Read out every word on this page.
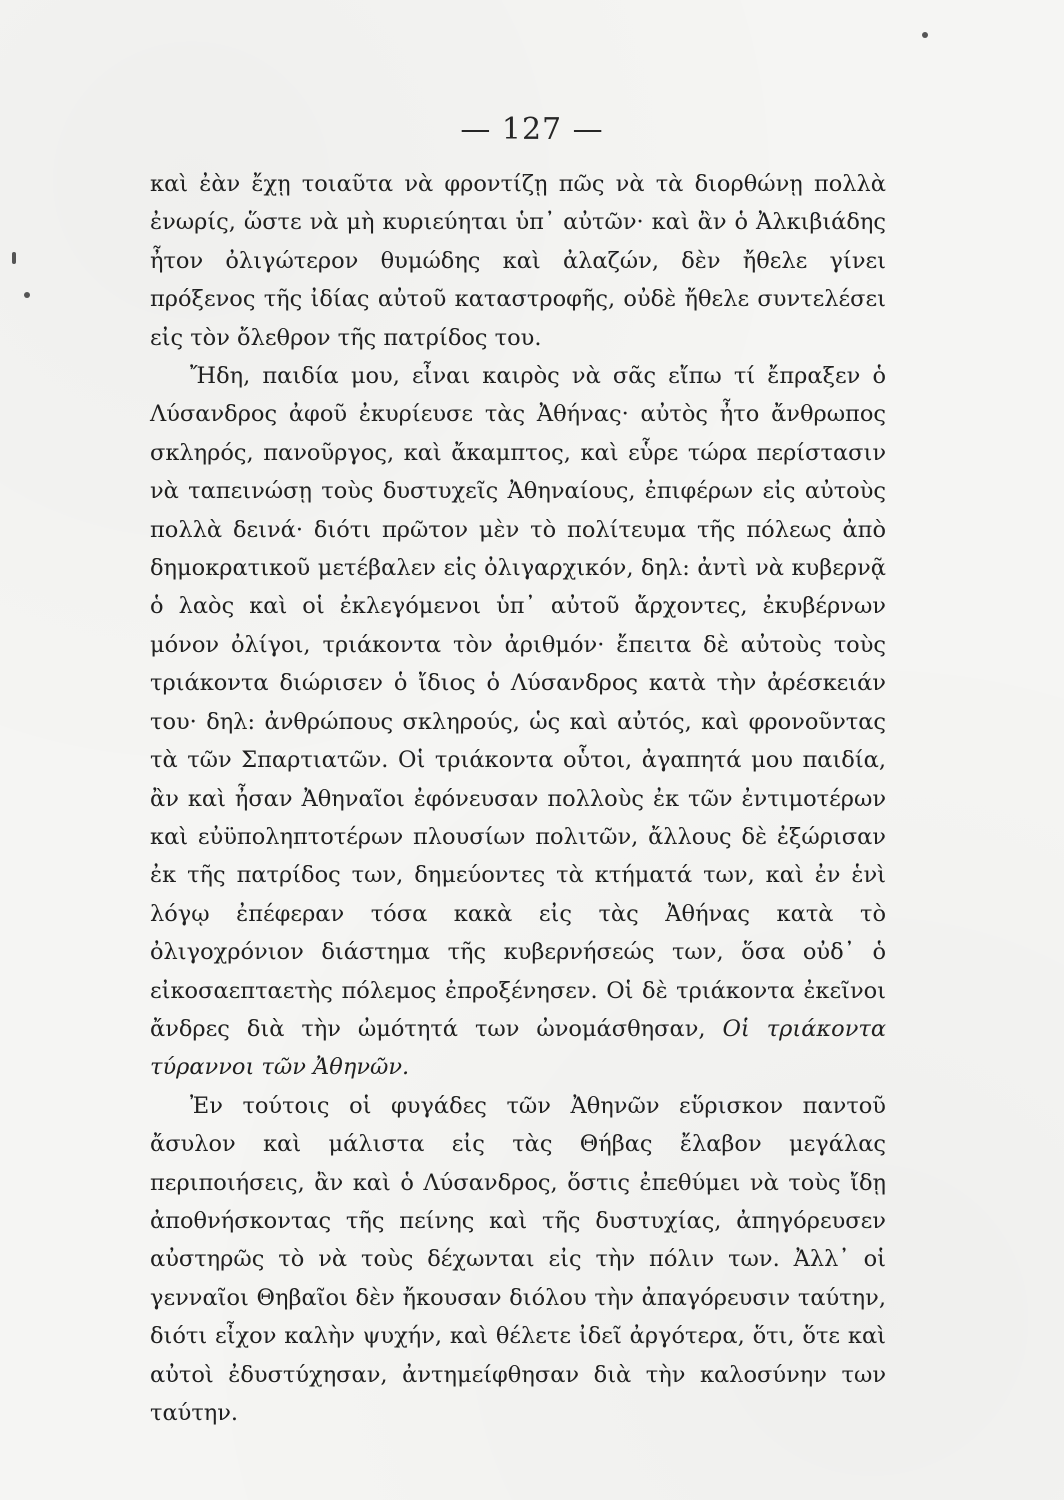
— 127 —

καὶ ἐὰν ἔχῃ τοιαῦτα νὰ φροντίζῃ πῶς νὰ τὰ διορθώνῃ πολλὰ ἐνωρίς, ὥστε νὰ μὴ κυριεύηται ὑπ᾽ αὐτῶν· καὶ ἂν ὁ Ἀλκιβιάδης ἦτον ὀλιγώτερον θυμώδης καὶ ἀλαζών, δὲν ἤθελε γίνει πρόξενος τῆς ἰδίας αὐτοῦ καταστροφῆς, οὐδὲ ἤθελε συντελέσει εἰς τὸν ὄλεθρον τῆς πατρίδος του.

Ἤδη, παιδία μου, εἶναι καιρὸς νὰ σᾶς εἴπω τί ἔπραξεν ὁ Λύσανδρος ἀφοῦ ἐκυρίευσε τὰς Ἀθήνας· αὐτὸς ἦτο ἄνθρωπος σκληρός, πανοῦργος, καὶ ἄκαμπτος, καὶ εὗρε τώρα περίστασιν νὰ ταπεινώσῃ τοὺς δυστυχεῖς Ἀθηναίους, ἐπιφέρων εἰς αὐτοὺς πολλὰ δεινά· διότι πρῶτον μὲν τὸ πολίτευμα τῆς πόλεως ἀπὸ δημοκρατικοῦ μετέβαλεν εἰς ὀλιγαρχικόν, δηλ: ἀντὶ νὰ κυβερνᾷ ὁ λαὸς καὶ οἱ ἐκλεγόμενοι ὑπ᾽ αὐτοῦ ἄρχοντες, ἐκυβέρνων μόνον ὀλίγοι, τριάκοντα τὸν ἀριθμόν· ἔπειτα δὲ αὐτοὺς τοὺς τριάκοντα διώρισεν ὁ ἴδιος ὁ Λύσανδρος κατὰ τὴν ἀρέσκειάν του· δηλ: ἀνθρώπους σκληρούς, ὡς καὶ αὐτός, καὶ φρονοῦντας τὰ τῶν Σπαρτιατῶν. Οἱ τριάκοντα οὗτοι, ἀγαπητά μου παιδία, ἂν καὶ ἦσαν Ἀθηναῖοι ἐφόνευσαν πολλοὺς ἐκ τῶν ἐντιμοτέρων καὶ εὐϋποληπτοτέρων πλουσίων πολιτῶν, ἄλλους δὲ ἐξώρισαν ἐκ τῆς πατρίδος των, δημεύοντες τὰ κτήματά των, καὶ ἐν ἑνὶ λόγῳ ἐπέφεραν τόσα κακὰ εἰς τὰς Ἀθήνας κατὰ τὸ ὀλιγοχρόνιον διάστημα τῆς κυβερνήσεώς των, ὅσα οὐδ᾽ ὁ εἰκοσαεπταετὴς πόλεμος ἐπροξένησεν. Οἱ δὲ τριάκοντα ἐκεῖνοι ἄνδρες διὰ τὴν ὠμότητά των ὠνομάσθησαν, Οἱ τριάκοντα τύραννοι τῶν Ἀθηνῶν.

Ἐν τούτοις οἱ φυγάδες τῶν Ἀθηνῶν εὕρισκον παντοῦ ἄσυλον καὶ μάλιστα εἰς τὰς Θήβας ἔλαβον μεγάλας περιποιήσεις, ἂν καὶ ὁ Λύσανδρος, ὅστις ἐπεθύμει νὰ τοὺς ἴδῃ ἀποθνήσκοντας τῆς πείνης καὶ τῆς δυστυχίας, ἀπηγόρευσεν αὐστηρῶς τὸ νὰ τοὺς δέχωνται εἰς τὴν πόλιν των. Ἀλλ᾽ οἱ γενναῖοι Θηβαῖοι δὲν ἤκουσαν διόλου τὴν ἀπαγόρευσιν ταύτην, διότι εἶχον καλὴν ψυχήν, καὶ θέλετε ἰδεῖ ἀργότερα, ὅτι, ὅτε καὶ αὐτοὶ ἐδυστύχησαν, ἀντημείφθησαν διὰ τὴν καλοσύνην των ταύτην.
